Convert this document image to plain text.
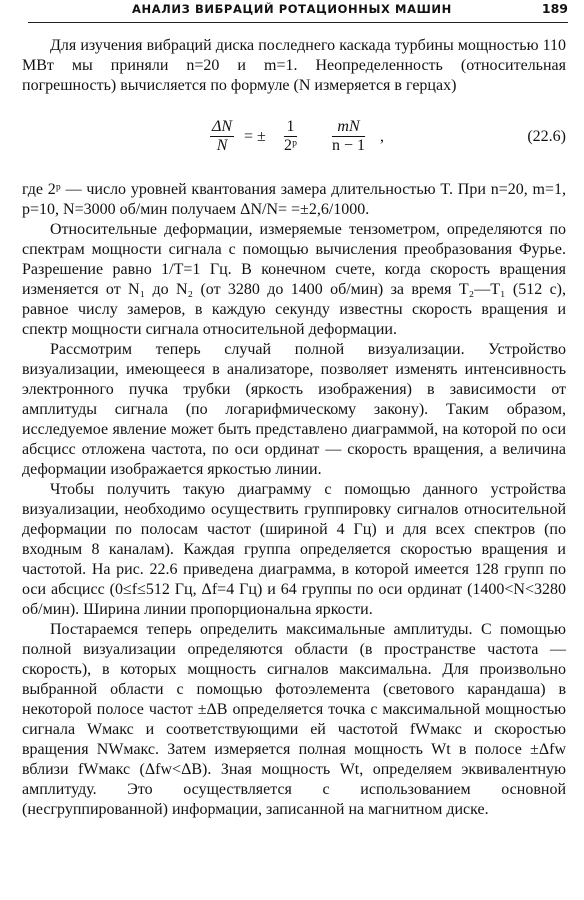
АНАЛИЗ ВИБРАЦИЙ РОТАЦИОННЫХ МАШИН	189

Для изучения вибраций диска последнего каскада турбины мощностью 110 МВт мы приняли n=20 и m=1. Неопределенность (относительная погрешность) вычисляется по формуле (N измеряется в герцах)

$\frac{\Delta N}{N}$ = ± $\frac{1}{\text{2ᵖ}} \frac{mN}{n - 1}$ ,	(22.6)

где 2ᵖ — число уровней квантования замера длительностью T. При n=20, m=1, p=10, N=3000 об/мин получаем ΔN/N= =±2,6/1000.

Относительные деформации, измеряемые тензометром, определяются по спектрам мощности сигнала с помощью вычисления преобразования Фурье. Разрешение равно 1/T=1 Гц. В конечном счете, когда скорость вращения изменяется от N₁ до N₂ (от 3280 до 1400 об/мин) за время T₂—T₁ (512 с), равное числу замеров, в каждую секунду известны скорость вращения и спектр мощности сигнала относительной деформации.

Рассмотрим теперь случай полной визуализации. Устройство визуализации, имеющееся в анализаторе, позволяет изменять интенсивность электронного пучка трубки (яркость изображения) в зависимости от амплитуды сигнала (по логарифмическому закону). Таким образом, исследуемое явление может быть представлено диаграммой, на которой по оси абсцисс отложена частота, по оси ординат — скорость вращения, а величина деформации изображается яркостью линии.

Чтобы получить такую диаграмму с помощью данного устройства визуализации, необходимо осуществить группировку сигналов относительной деформации по полосам частот (шириной 4 Гц) и для всех спектров (по входным 8 каналам). Каждая группа определяется скоростью вращения и частотой. На рис. 22.6 приведена диаграмма, в которой имеется 128 групп по оси абсцисс (0≤f≤512 Гц, Δf=4 Гц) и 64 группы по оси ординат (1400<N<3280 об/мин). Ширина линии пропорциональна яркости.

Постараемся теперь определить максимальные амплитуды. С помощью полной визуализации определяются области (в пространстве частота — скорость), в которых мощность сигналов максимальна. Для произвольно выбранной области с помощью фотоэлемента (светового карандаша) в некоторой полосе частот ±ΔB определяется точка с максимальной мощностью сигнала Wмакс и соответствующими ей частотой fWмакс и скоростью вращения NWмакс. Затем измеряется полная мощность Wt в полосе ±Δfw вблизи fWмакс (Δfw<ΔB). Зная мощность Wt, определяем эквивалентную амплитуду. Это осуществляется с использованием основной (несгруппированной) информации, записанной на магнитном диске.
